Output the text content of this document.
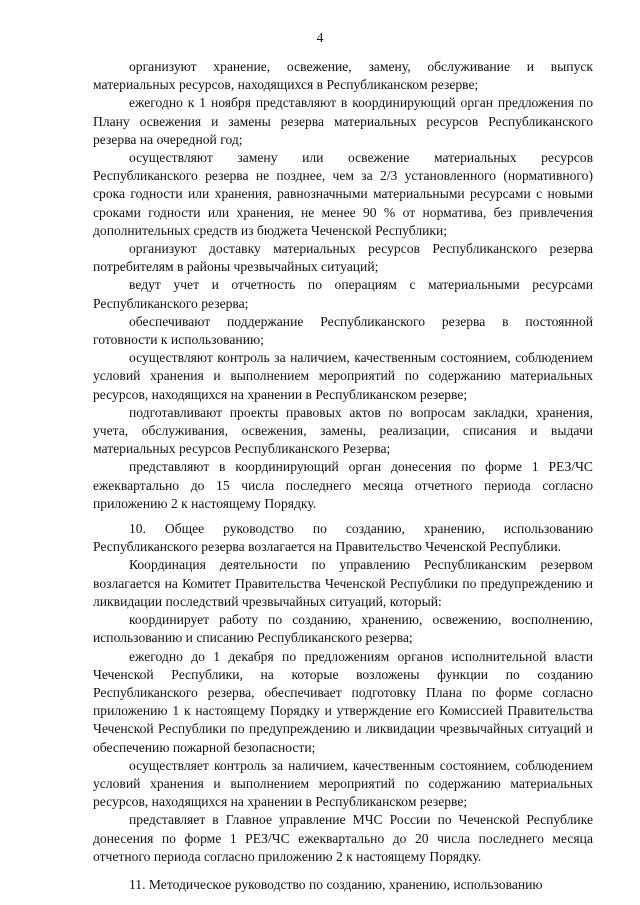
4

организуют хранение, освежение, замену, обслуживание и выпуск материальных ресурсов, находящихся в Республиканском резерве;

ежегодно к 1 ноября представляют в координирующий орган предложения по Плану освежения и замены резерва материальных ресурсов Республиканского резерва на очередной год;

осуществляют замену или освежение материальных ресурсов Республиканского резерва не позднее, чем за 2/3 установленного (нормативного) срока годности или хранения, равнозначными материальными ресурсами с новыми сроками годности или хранения, не менее 90 % от норматива, без привлечения дополнительных средств из бюджета Чеченской Республики;

организуют доставку материальных ресурсов Республиканского резерва потребителям в районы чрезвычайных ситуаций;

ведут учет и отчетность по операциям с материальными ресурсами Республиканского резерва;

обеспечивают поддержание Республиканского резерва в постоянной готовности к использованию;

осуществляют контроль за наличием, качественным состоянием, соблюдением условий хранения и выполнением мероприятий по содержанию материальных ресурсов, находящихся на хранении в Республиканском резерве;

подготавливают проекты правовых актов по вопросам закладки, хранения, учета, обслуживания, освежения, замены, реализации, списания и выдачи материальных ресурсов Республиканского Резерва;

представляют в координирующий орган донесения по форме 1 РЕЗ/ЧС ежеквартально до 15 числа последнего месяца отчетного периода согласно приложению 2 к настоящему Порядку.

10. Общее руководство по созданию, хранению, использованию Республиканского резерва возлагается на Правительство Чеченской Республики.

Координация деятельности по управлению Республиканским резервом возлагается на Комитет Правительства Чеченской Республики по предупреждению и ликвидации последствий чрезвычайных ситуаций, который:

координирует работу по созданию, хранению, освежению, восполнению, использованию и списанию Республиканского резерва;

ежегодно до 1 декабря по предложениям органов исполнительной власти Чеченской Республики, на которые возложены функции по созданию Республиканского резерва, обеспечивает подготовку Плана по форме согласно приложению 1 к настоящему Порядку и утверждение его Комиссией Правительства Чеченской Республики по предупреждению и ликвидации чрезвычайных ситуаций и обеспечению пожарной безопасности;

осуществляет контроль за наличием, качественным состоянием, соблюдением условий хранения и выполнением мероприятий по содержанию материальных ресурсов, находящихся на хранении в Республиканском резерве;

представляет в Главное управление МЧС России по Чеченской Республике донесения по форме 1 РЕЗ/ЧС ежеквартально до 20 числа последнего месяца отчетного периода согласно приложению 2 к настоящему Порядку.

11. Методическое руководство по созданию, хранению, использованию
